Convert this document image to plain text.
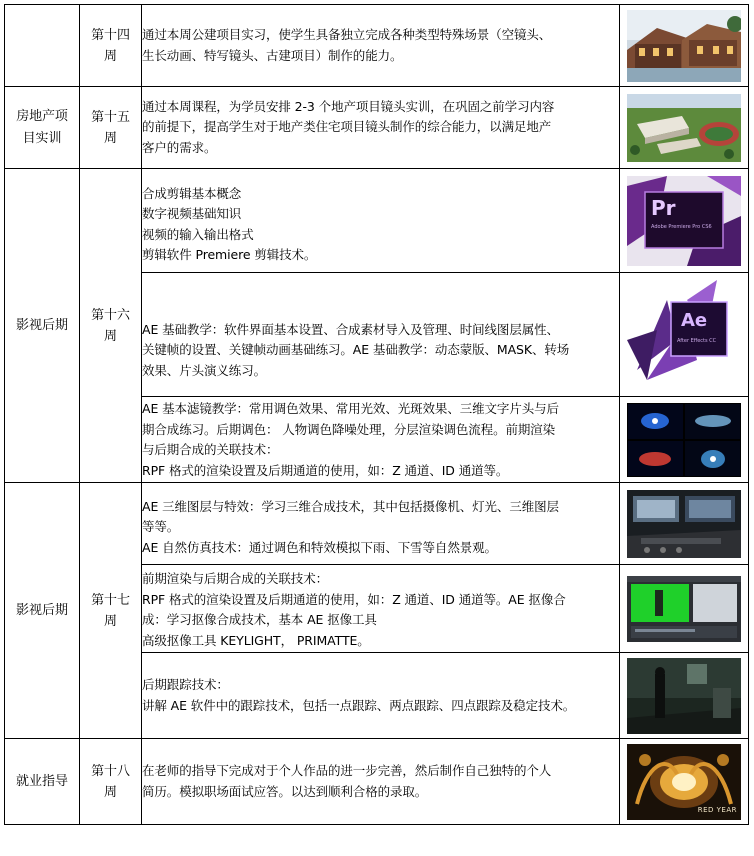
	第十四
周	通过本周公建项目实习，使学生具备独立完成各种类型特殊场景（空镜头、
生长动画、特写镜头、古建项目）制作的能力。

房地产项
目实训	第十五
周	通过本周课程，为学员安排 2-3 个地产项目镜头实训，在巩固之前学习内容
的前提下，提高学生对于地产类住宅项目镜头制作的综合能力，以满足地产
客户的需求。

影视后期	第十六
周	合成剪辑基本概念
数字视频基础知识
视频的输入输出格式
剪辑软件 Premiere 剪辑技术。	Pr
Adobe Premiere Pro CS6

		AE 基础教学：软件界面基本设置、合成素材导入及管理、时间线图层属性、
关键帧的设置、关键帧动画基础练习。AE 基础教学：动态蒙版、MASK、转场
效果、片头演义练习。	Ae
After Effects CC

		AE 基本滤镜教学：常用调色效果、常用光效、光斑效果、三维文字片头与后
期合成练习。后期调色： 人物调色降噪处理，分层渲染调色流程。前期渲染
与后期合成的关联技术：
RPF 格式的渲染设置及后期通道的使用，如：Z 通道、ID 通道等。

影视后期	第十七
周	AE 三维图层与特效：学习三维合成技术，其中包括摄像机、灯光、三维图层
等等。
AE 自然仿真技术：通过调色和特效模拟下雨、下雪等自然景观。

		前期渲染与后期合成的关联技术：
RPF 格式的渲染设置及后期通道的使用，如：Z 通道、ID 通道等。AE 抠像合
成：学习抠像合成技术，基本 AE 抠像工具
高级抠像工具 KEYLIGHT， PRIMATTE。

		后期跟踪技术：
讲解 AE 软件中的跟踪技术，包括一点跟踪、两点跟踪、四点跟踪及稳定技术。

就业指导	第十八
周	在老师的指导下完成对于个人作品的进一步完善，然后制作自己独特的个人
简历。模拟职场面试应答。以达到顺利合格的录取。	RED YEAR
